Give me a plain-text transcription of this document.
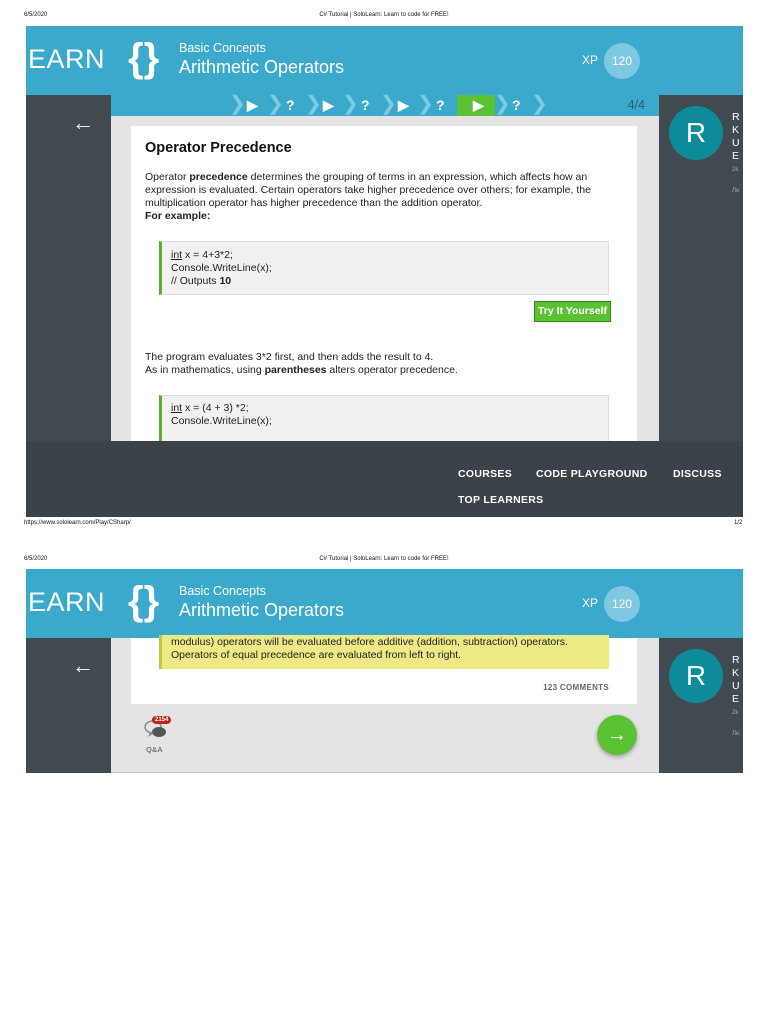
6/5/2020	C# Tutorial | SoloLearn: Learn to code for FREE!
EARN {} Basic Concepts
Arithmetic Operators	XP	120
←	R	R
K
U
E
2k
Ле
❯ ▶ ❯ ? ❯ ▶ ❯ ? ❯ ▶ ❯ ? ▶ ❯ ? ❯	4/4
Operator Precedence
Operator precedence determines the grouping of terms in an expression, which affects how an expression is evaluated. Certain operators take higher precedence over others; for example, the multiplication operator has higher precedence than the addition operator.
For example:
int x = 4+3*2;
Console.WriteLine(x);
// Outputs 10
Try It Yourself
The program evaluates 3*2 first, and then adds the result to 4.
As in mathematics, using parentheses alters operator precedence.
int x = (4 + 3) *2;
Console.WriteLine(x);
COURSES CODE PLAYGROUND DISCUSS
TOP LEARNERS
https://www.sololearn.com/Play/CSharp/	1/2
6/5/2020	C# Tutorial | SoloLearn: Learn to code for FREE!
EARN {} Basic Concepts
Arithmetic Operators	XP	120
←	R	R
K
U
E
2k
Ле
modulus) operators will be evaluated before additive (addition, subtraction) operators.
Operators of equal precedence are evaluated from left to right.
123 COMMENTS
2154
Q&A
→
